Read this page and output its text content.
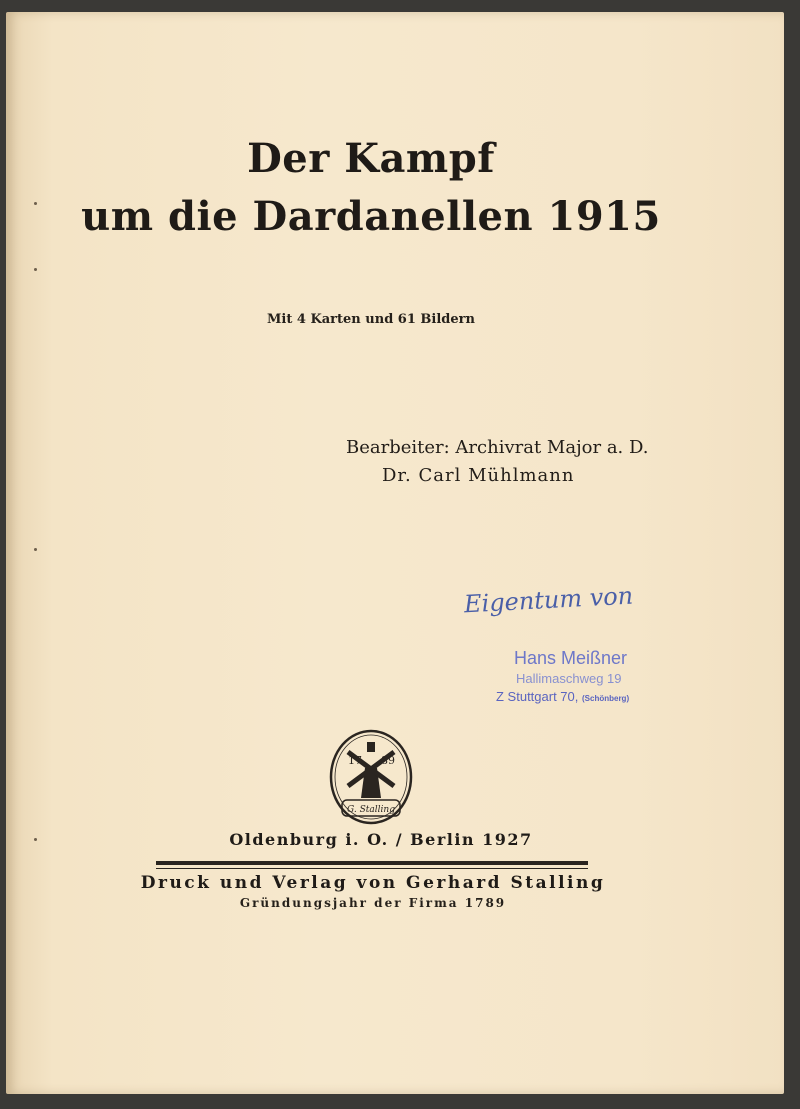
Der Kampf
um die Dardanellen 1915
Mit 4 Karten und 61 Bildern
Bearbeiter: Archivrat Major a. D.
Dr. Carl Mühlmann
Eigentum von
Hans Meißner
Hallimaschweg 19
Z Stuttgart 70, (Schönberg)
17 89
G. Stalling
Oldenburg i. O. / Berlin 1927
Druck und Verlag von Gerhard Stalling
Gründungsjahr der Firma 1789
